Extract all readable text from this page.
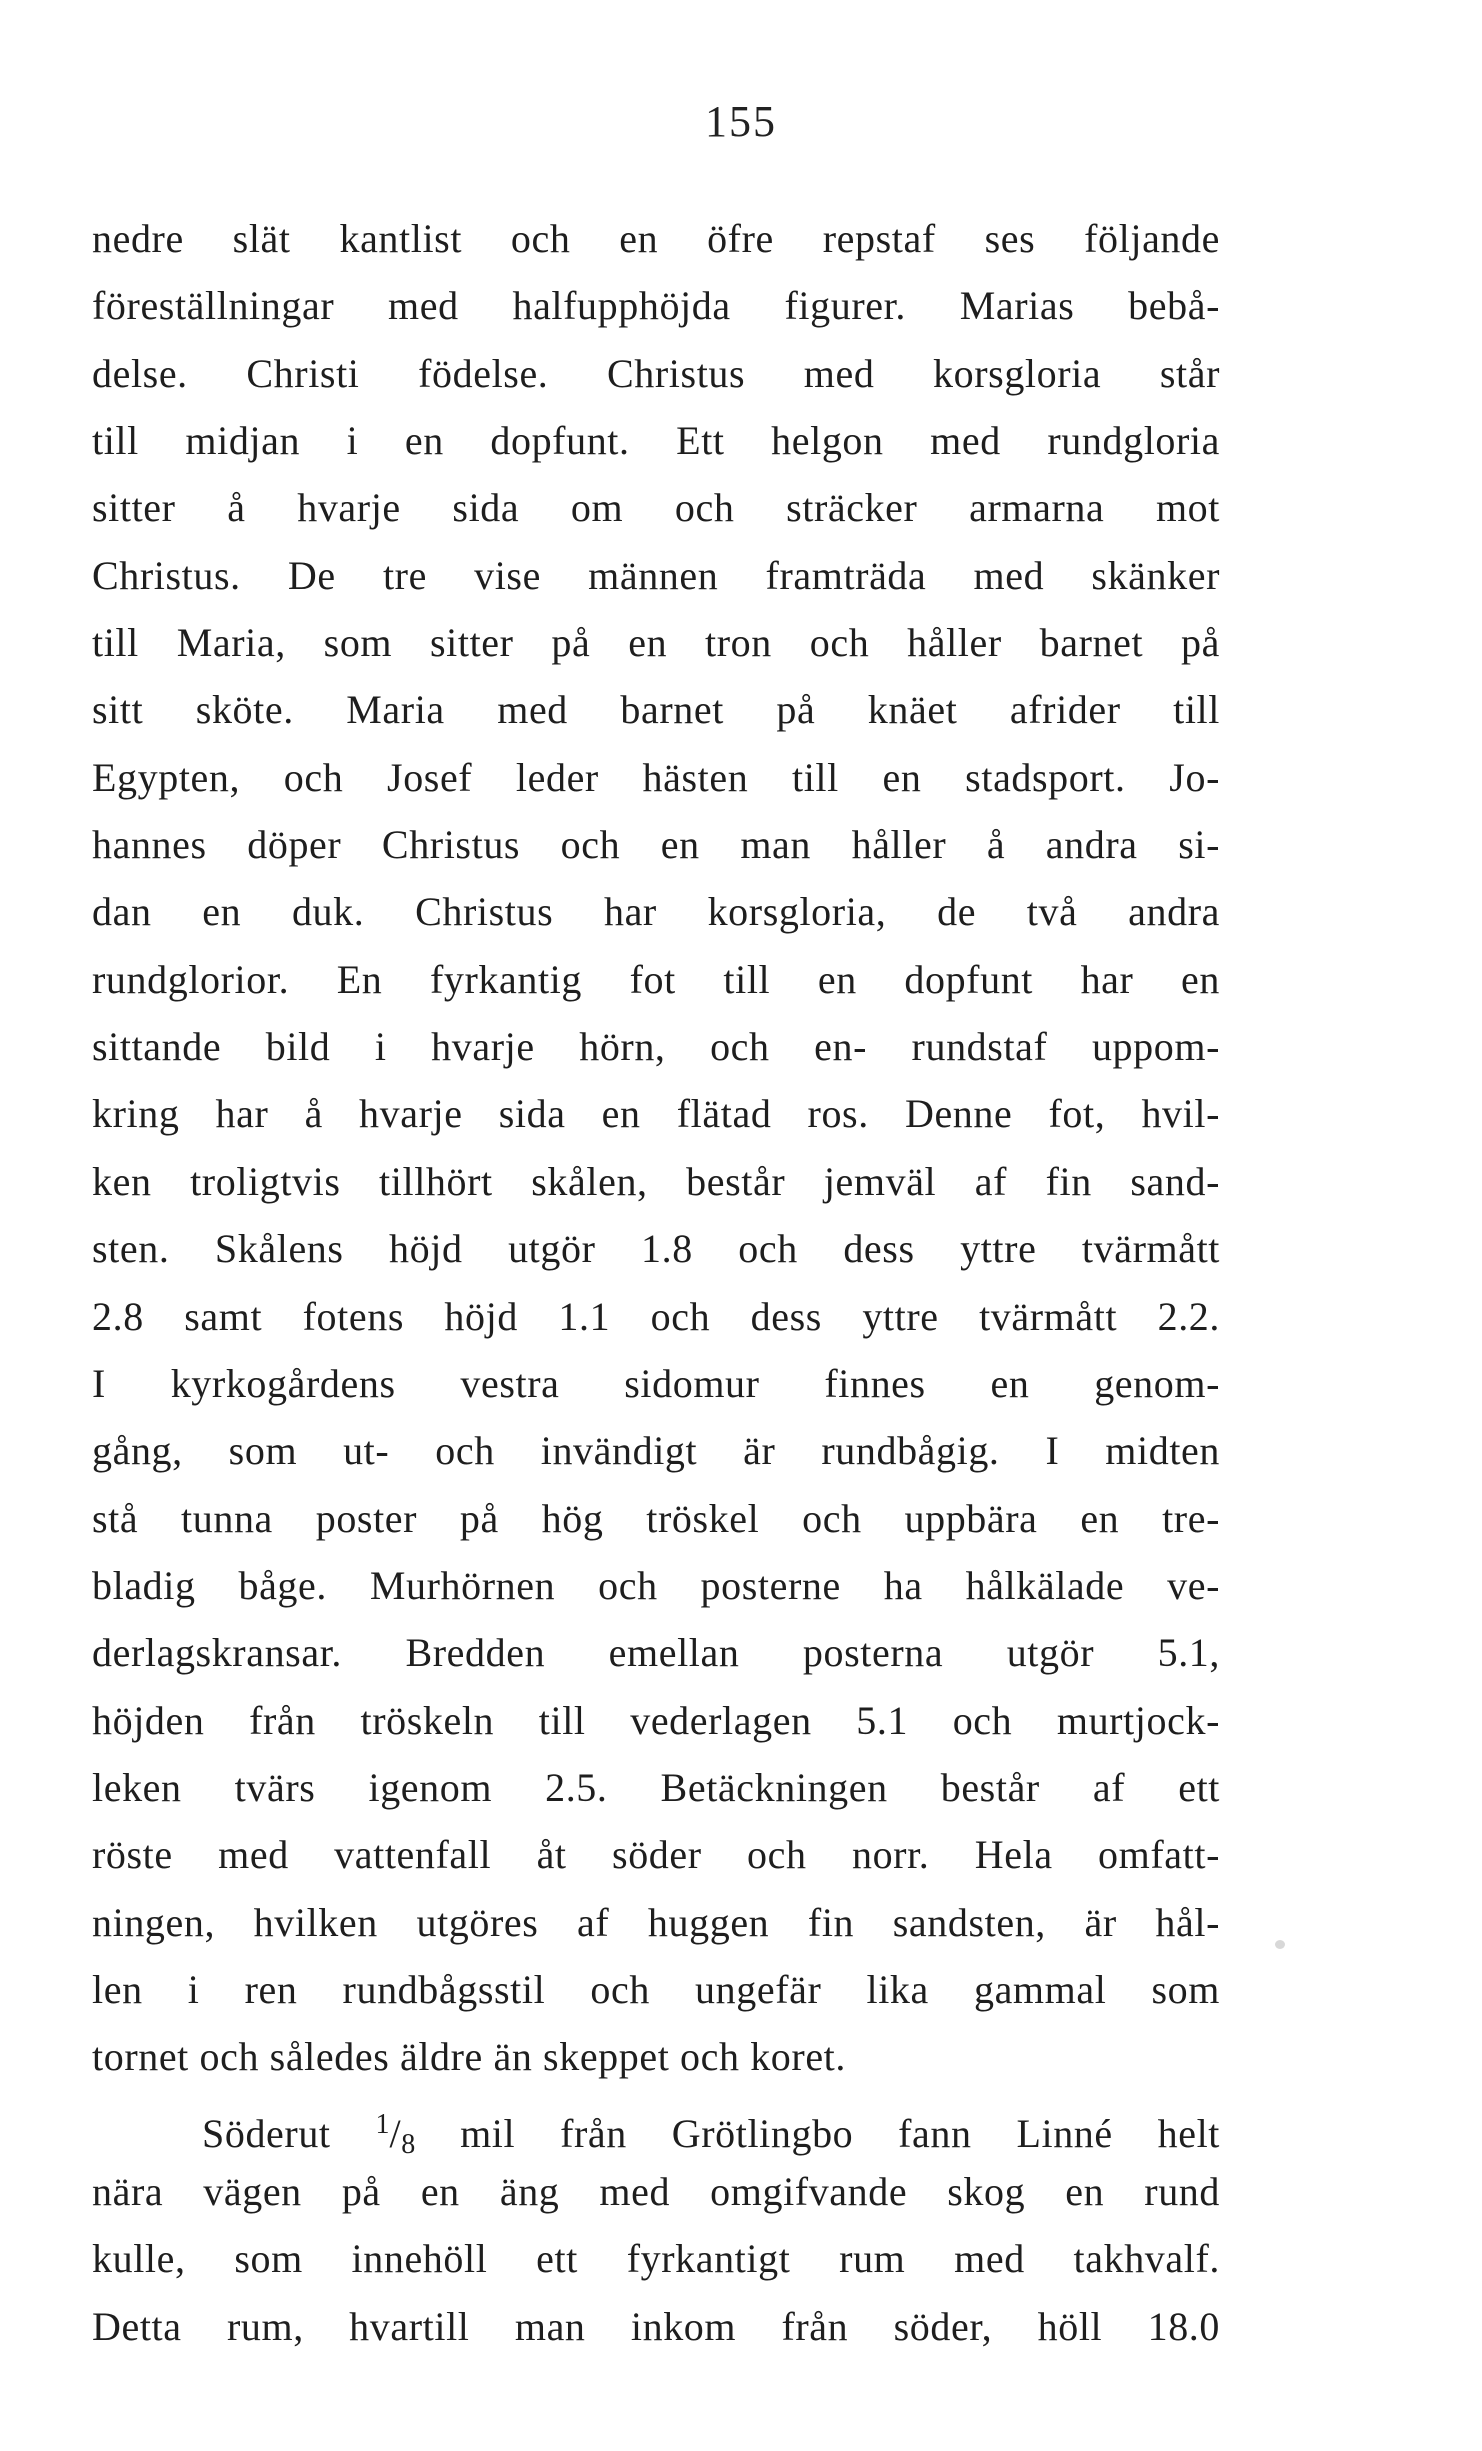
155
nedre slät kantlist och en öfre repstaf ses följande
föreställningar med halfupphöjda figurer. Marias bebå-
delse. Christi födelse. Christus med korsgloria står
till midjan i en dopfunt. Ett helgon med rundgloria
sitter å hvarje sida om och sträcker armarna mot
Christus. De tre vise männen framträda med skänker
till Maria, som sitter på en tron och håller barnet på
sitt sköte. Maria med barnet på knäet afrider till
Egypten, och Josef leder hästen till en stadsport. Jo-
hannes döper Christus och en man håller å andra si-
dan en duk. Christus har korsgloria, de två andra
rundglorior. En fyrkantig fot till en dopfunt har en
sittande bild i hvarje hörn, och en- rundstaf uppom-
kring har å hvarje sida en flätad ros. Denne fot, hvil-
ken troligtvis tillhört skålen, består jemväl af fin sand-
sten. Skålens höjd utgör 1.8 och dess yttre tvärmått
2.8 samt fotens höjd 1.1 och dess yttre tvärmått 2.2.
I kyrkogårdens vestra sidomur finnes en genom-
gång, som ut- och invändigt är rundbågig. I midten
stå tunna poster på hög tröskel och uppbära en tre-
bladig båge. Murhörnen och posterne ha hålkälade ve-
derlagskransar. Bredden emellan posterna utgör 5.1,
höjden från tröskeln till vederlagen 5.1 och murtjock-
leken tvärs igenom 2.5. Betäckningen består af ett
röste med vattenfall åt söder och norr. Hela omfatt-
ningen, hvilken utgöres af huggen fin sandsten, är hål-
len i ren rundbågsstil och ungefär lika gammal som
tornet och således äldre än skeppet och koret.
Söderut $^1$/8 mil från Grötlingbo fann Linné helt
nära vägen på en äng med omgifvande skog en rund
kulle, som innehöll ett fyrkantigt rum med takhvalf.
Detta rum, hvartill man inkom från söder, höll 18.0
